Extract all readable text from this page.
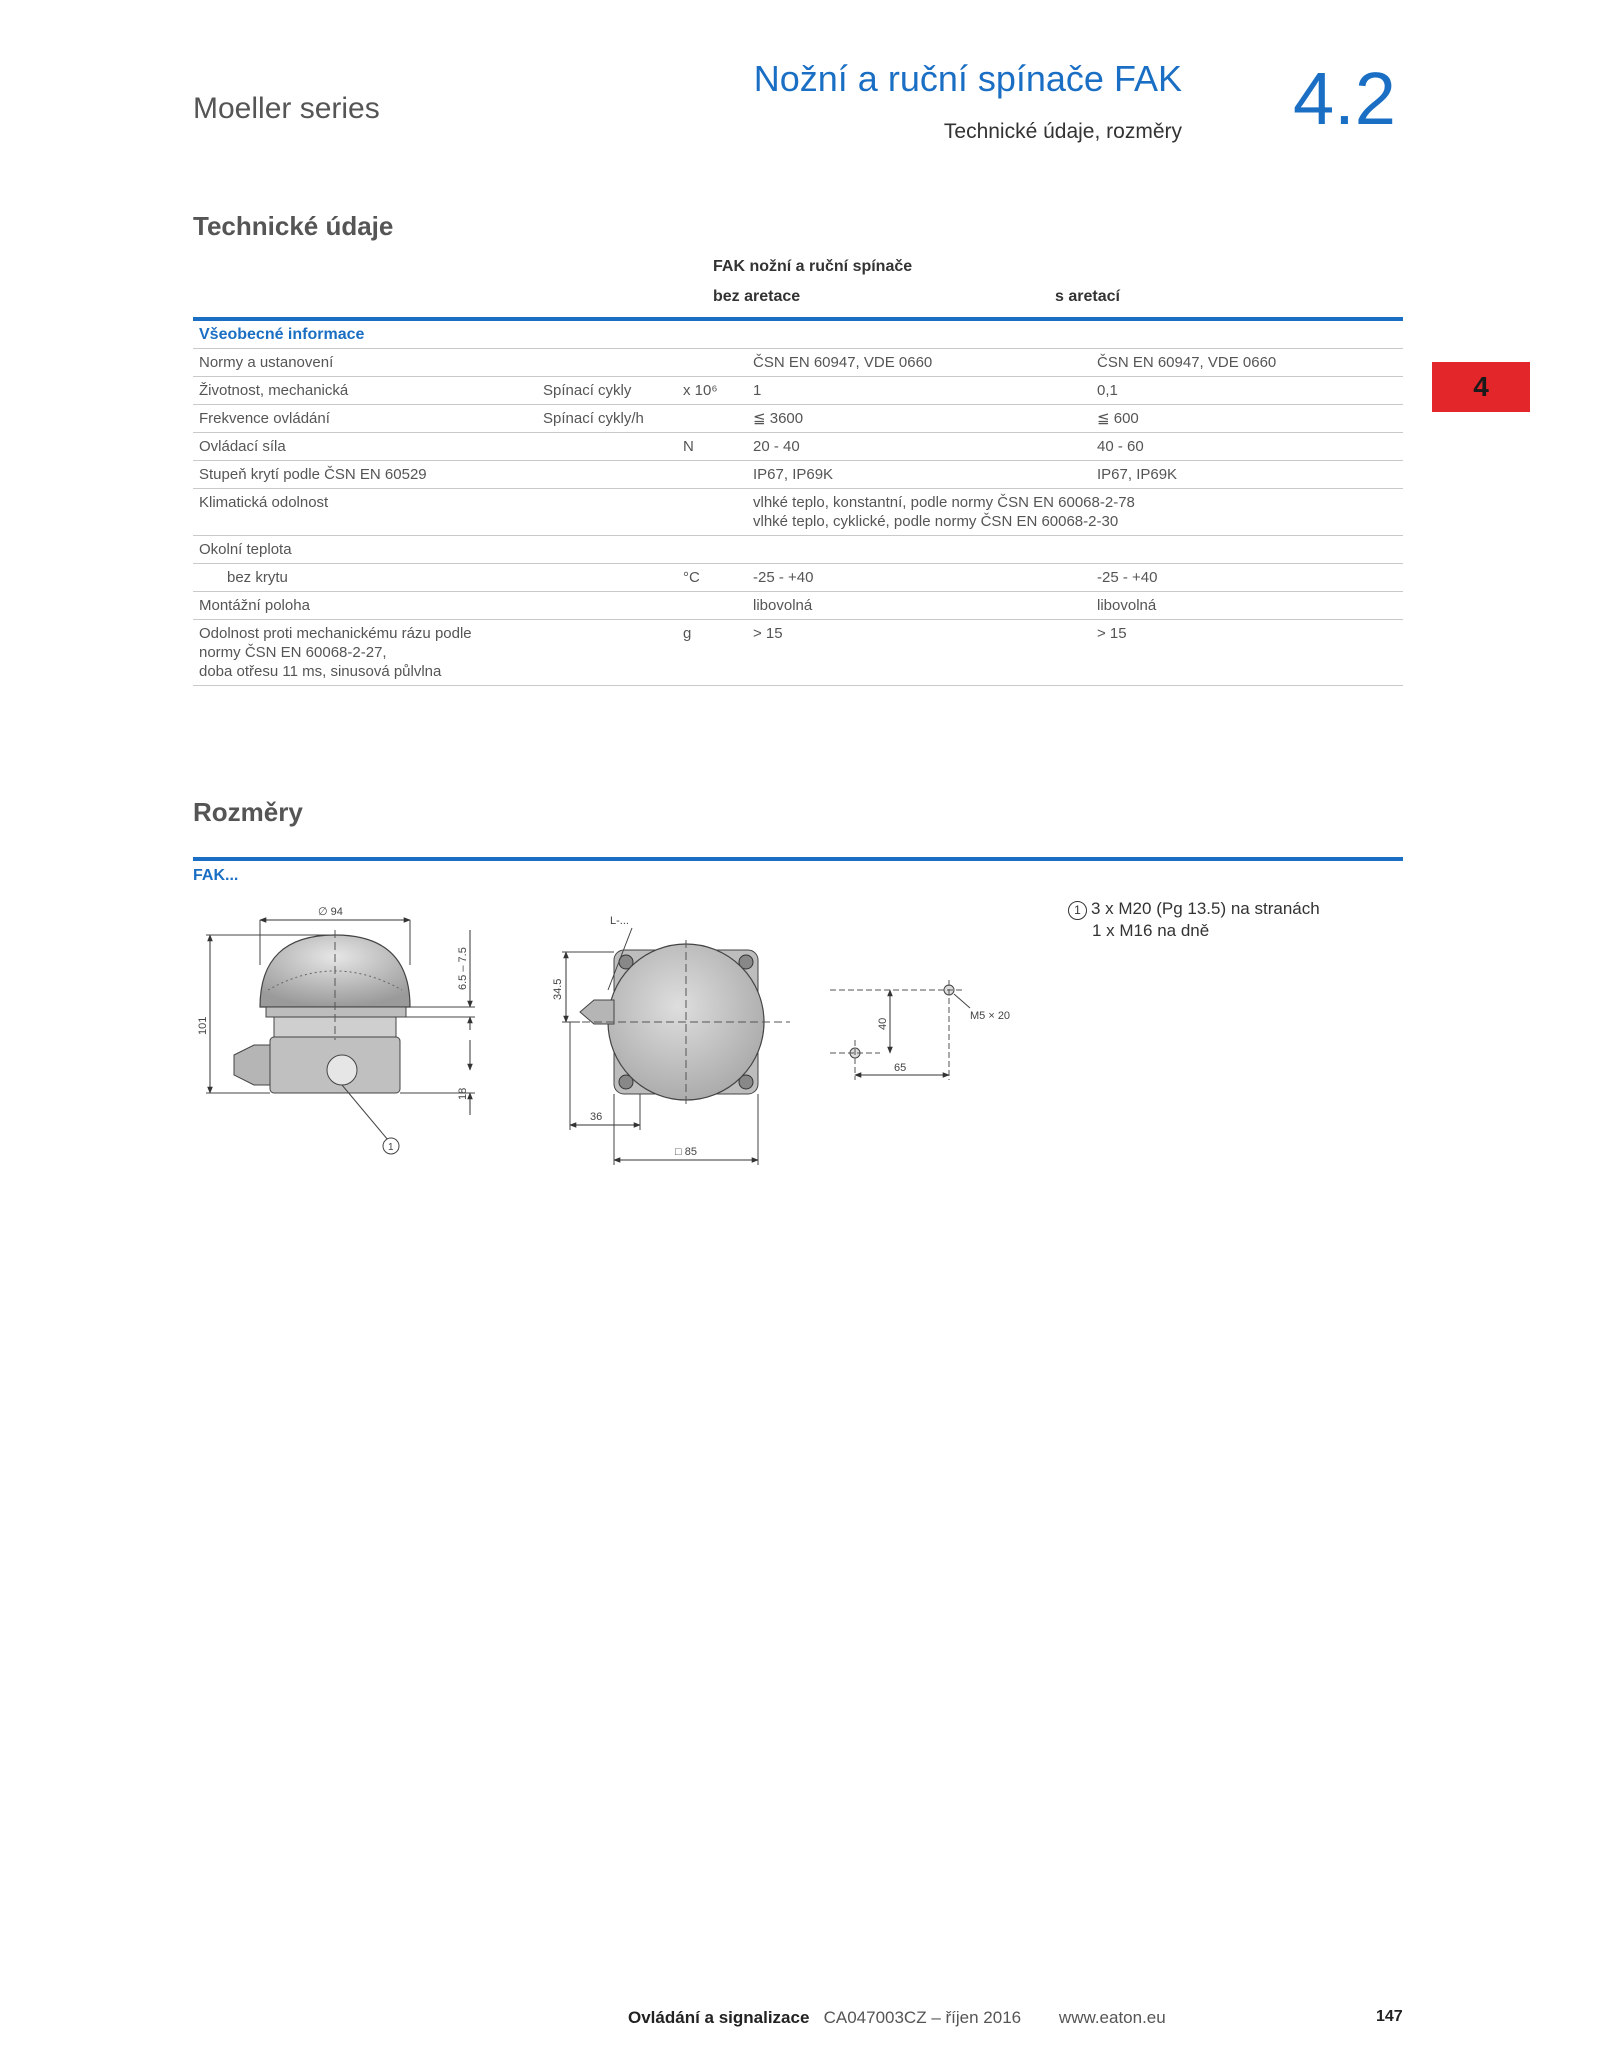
Moeller series
Nožní a ruční spínače FAK
Technické údaje, rozměry 4.2
4
Technické údaje
FAK nožní a ruční spínače
bez aretace	s aretací
Všeobecné informace				
Normy a ustanovení			ČSN EN 60947, VDE 0660	ČSN EN 60947, VDE 0660
Životnost, mechanická	Spínací cykly	x 10⁶	1	0,1
Frekvence ovládání	Spínací cykly/h		≦ 3600	≦ 600
Ovládací síla		N	20 - 40	40 - 60
Stupeň krytí podle ČSN EN 60529			IP67, IP69K	IP67, IP69K
Klimatická odolnost			vlhké teplo, konstantní, podle normy ČSN EN 60068-2-78
vlhké teplo, cyklické, podle normy ČSN EN 60068-2-30	

Okolní teplota				
bez krytu		°C	-25 - +40	-25 - +40
Montážní poloha			libovolná	libovolná

Odolnost proti mechanickému rázu podle
normy ČSN EN 60068-2-27,
doba otřesu 11 ms, sinusová půlvlna		g	> 15	> 15
Rozměry
FAK...
∅ 94
101
6.5 – 7.5
18
1
L-...
34.5
36
□ 85
M5 × 20
40
65
1 3 x M20 (Pg 13.5) na stranách
1 x M16 na dně
Ovládání a signalizace CA047003CZ – říjen 2016 www.eaton.eu	147
